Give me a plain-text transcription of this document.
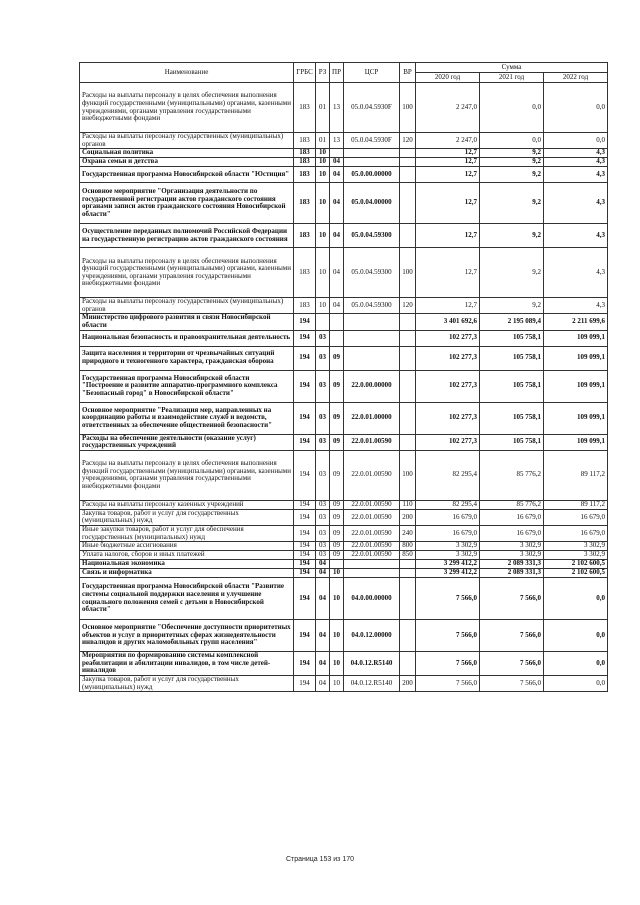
Наименование	ГРБС	РЗ	ПР	ЦСР	ВР	Сумма		
						2020 год	2021 год	2022 год
Расходы на выплаты персоналу в целях обеспечения выполнения функций государственными (муниципальными) органами, казенными учреждениями, органами управления государственными внебюджетными фондами	183	01	13	05.0.04.5930F	100	2 247,0	0,0	0,0
Расходы на выплаты персоналу государственных (муниципальных) органов	183	01	13	05.0.04.5930F	120	2 247,0	0,0	0,0
Социальная политика	183	10				12,7	9,2	4,3
Охрана семьи и детства	183	10	04			12,7	9,2	4,3
Государственная программа Новосибирской области "Юстиция"	183	10	04	05.0.00.00000		12,7	9,2	4,3
Основное мероприятие "Организация деятельности по государственной регистрации актов гражданского состояния органами записи актов гражданского состояния Новосибирской области"	183	10	04	05.0.04.00000		12,7	9,2	4,3
Осуществление переданных полномочий Российской Федерации на государственную регистрацию актов гражданского состояния	183	10	04	05.0.04.59300		12,7	9,2	4,3
Расходы на выплаты персоналу в целях обеспечения выполнения функций государственными (муниципальными) органами, казенными учреждениями, органами управления государственными внебюджетными фондами	183	10	04	05.0.04.59300	100	12,7	9,2	4,3
Расходы на выплаты персоналу государственных (муниципальных) органов	183	10	04	05.0.04.59300	120	12,7	9,2	4,3
Министерство цифрового развития и связи Новосибирской области	194					3 401 692,6	2 195 089,4	2 211 699,6
Национальная безопасность и правоохранительная деятельность	194	03				102 277,3	105 758,1	109 099,1
Защита населения и территории от чрезвычайных ситуаций природного и техногенного характера, гражданская оборона	194	03	09			102 277,3	105 758,1	109 099,1
Государственная программа Новосибирской области "Построение и развитие аппаратно-программного комплекса "Безопасный город" в Новосибирской области"	194	03	09	22.0.00.00000		102 277,3	105 758,1	109 099,1
Основное мероприятие "Реализация мер, направленных на координацию работы и взаимодействие служб и ведомств, ответственных за обеспечение общественной безопасности"	194	03	09	22.0.01.00000		102 277,3	105 758,1	109 099,1
Расходы на обеспечение деятельности (оказание услуг) государственных учреждений	194	03	09	22.0.01.00590		102 277,3	105 758,1	109 099,1
Расходы на выплаты персоналу в целях обеспечения выполнения функций государственными (муниципальными) органами, казенными учреждениями, органами управления государственными внебюджетными фондами	194	03	09	22.0.01.00590	100	82 295,4	85 776,2	89 117,2
Расходы на выплаты персоналу казенных учреждений	194	03	09	22.0.01.00590	110	82 295,4	85 776,2	89 117,2
Закупка товаров, работ и услуг для государственных (муниципальных) нужд	194	03	09	22.0.01.00590	200	16 679,0	16 679,0	16 679,0
Иные закупки товаров, работ и услуг для обеспечения государственных (муниципальных) нужд	194	03	09	22.0.01.00590	240	16 679,0	16 679,0	16 679,0
Иные бюджетные ассигнования	194	03	09	22.0.01.00590	800	3 302,9	3 302,9	3 302,9
Уплата налогов, сборов и иных платежей	194	03	09	22.0.01.00590	850	3 302,9	3 302,9	3 302,9
Национальная экономика	194	04				3 299 412,2	2 089 331,3	2 102 600,5
Связь и информатика	194	04	10			3 299 412,2	2 089 331,3	2 102 600,5
Государственная программа Новосибирской области "Развитие системы социальной поддержки населения и улучшение социального положения семей с детьми в Новосибирской области"	194	04	10	04.0.00.00000		7 566,0	7 566,0	0,0
Основное мероприятие "Обеспечение доступности приоритетных объектов и услуг в приоритетных сферах жизнедеятельности инвалидов и других маломобильных групп населения"	194	04	10	04.0.12.00000		7 566,0	7 566,0	0,0
Мероприятия по формированию системы комплексной реабилитации и абилитации инвалидов, в том числе детей-инвалидов	194	04	10	04.0.12.R5140		7 566,0	7 566,0	0,0
Закупка товаров, работ и услуг для государственных (муниципальных) нужд	194	04	10	04.0.12.R5140	200	7 566,0	7 566,0	0,0
Страница 153 из 170
